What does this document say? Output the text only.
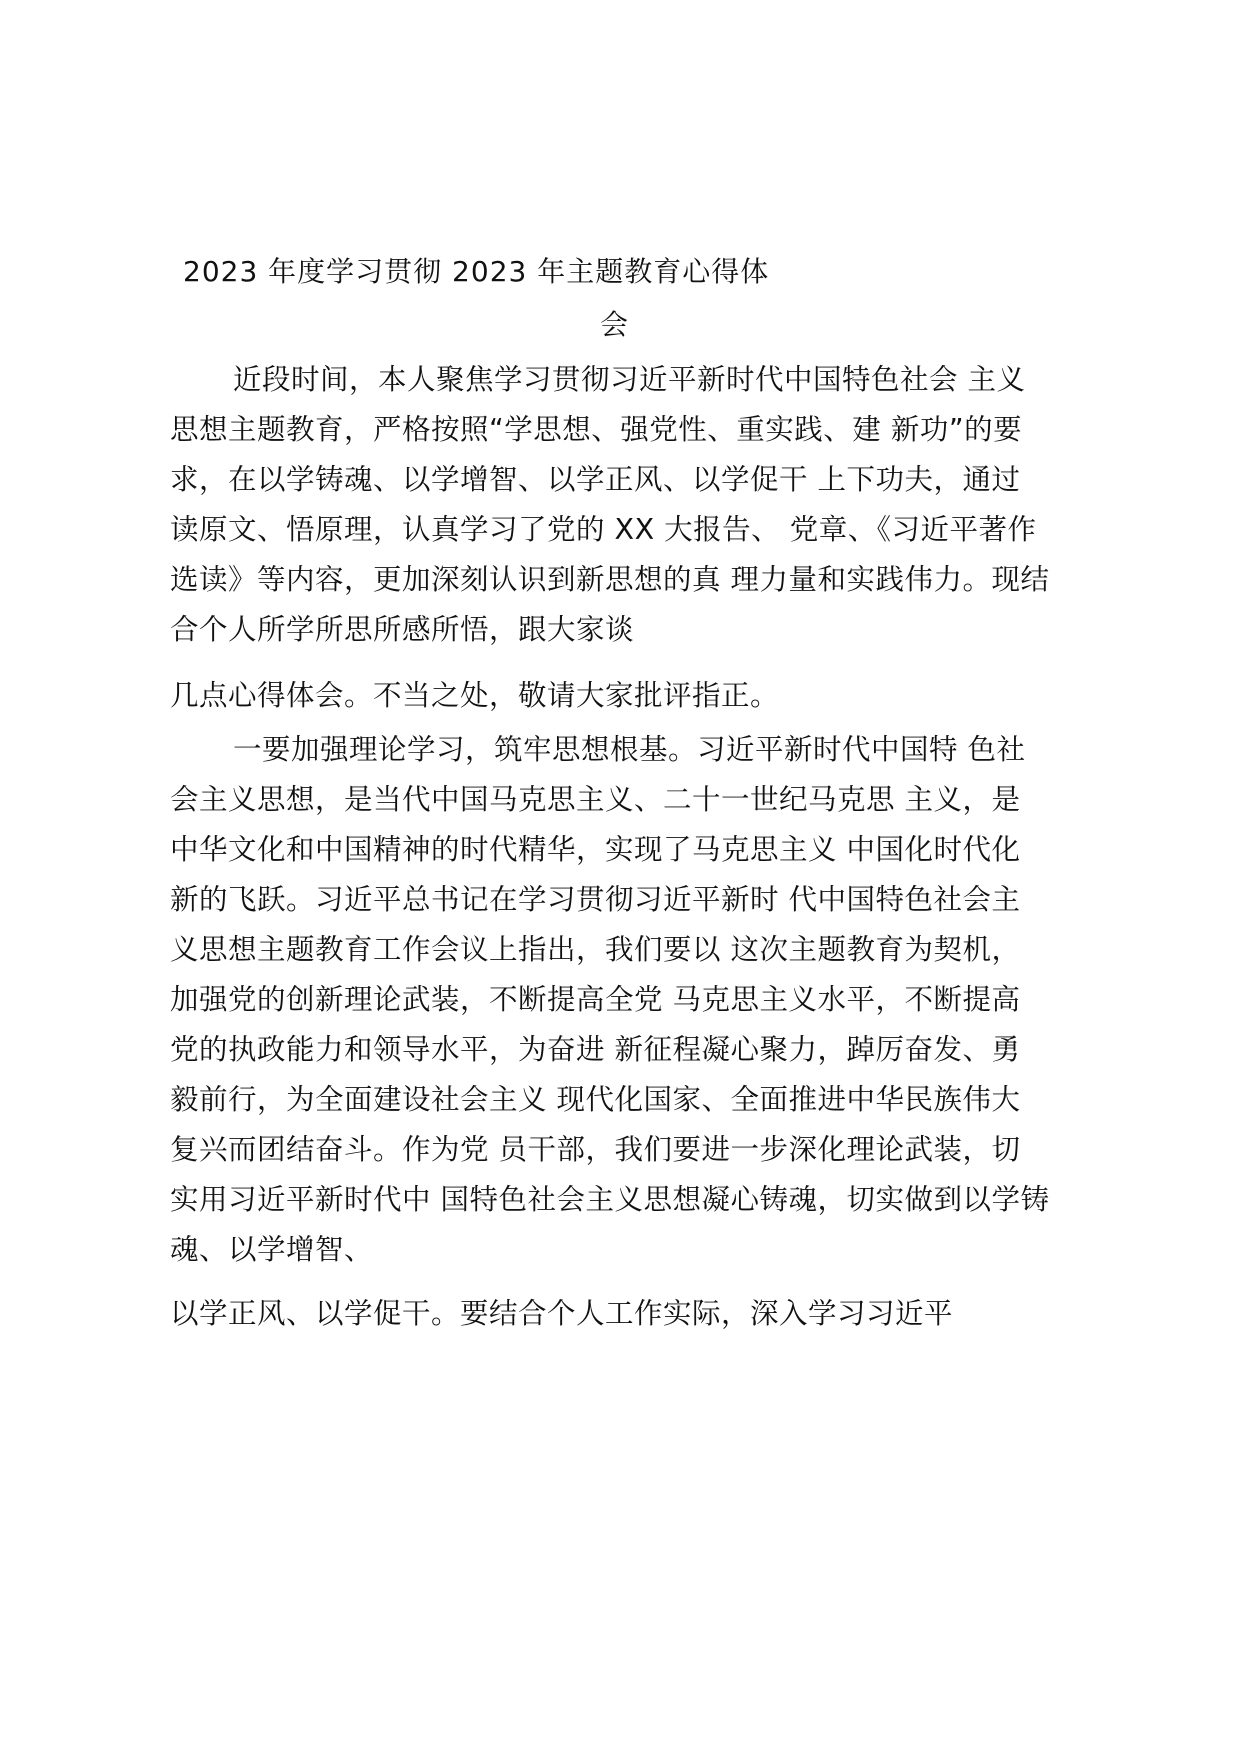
2023 年度学习贯彻 2023 年主题教育心得体
会
近段时间，本人聚焦学习贯彻习近平新时代中国特色社会 主义
思想主题教育，严格按照“学思想、强党性、重实践、建 新功”的要
求，在以学铸魂、以学增智、以学正风、以学促干 上下功夫，通过
读原文、悟原理，认真学习了党的 XX 大报告、 党章、《习近平著作
选读》等内容，更加深刻认识到新思想的真 理力量和实践伟力。现结
合个人所学所思所感所悟，跟大家谈
几点心得体会。不当之处，敬请大家批评指正。
一要加强理论学习，筑牢思想根基。习近平新时代中国特 色社
会主义思想，是当代中国马克思主义、二十一世纪马克思 主义，是
中华文化和中国精神的时代精华，实现了马克思主义 中国化时代化
新的飞跃。习近平总书记在学习贯彻习近平新时 代中国特色社会主
义思想主题教育工作会议上指出，我们要以 这次主题教育为契机，
加强党的创新理论武装，不断提高全党 马克思主义水平，不断提高
党的执政能力和领导水平，为奋进 新征程凝心聚力，踔厉奋发、勇
毅前行，为全面建设社会主义 现代化国家、全面推进中华民族伟大
复兴而团结奋斗。作为党 员干部，我们要进一步深化理论武装，切
实用习近平新时代中 国特色社会主义思想凝心铸魂，切实做到以学铸
魂、以学增智、
以学正风、以学促干。要结合个人工作实际，深入学习习近平
